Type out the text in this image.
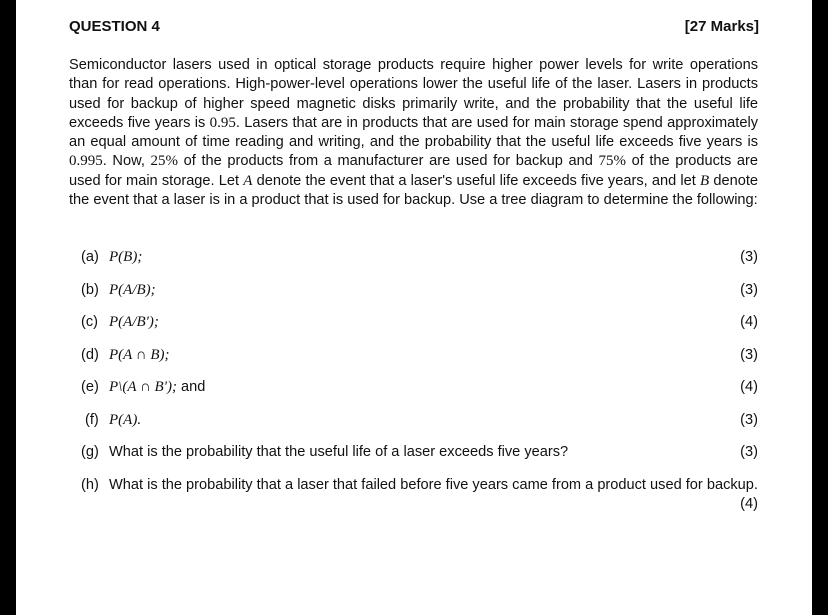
QUESTION 4	[27 Marks]
Semiconductor lasers used in optical storage products require higher power levels for write operations than for read operations. High-power-level operations lower the useful life of the laser. Lasers in products used for backup of higher speed magnetic disks primarily write, and the probability that the useful life exceeds five years is 0.95. Lasers that are in products that are used for main storage spend approximately an equal amount of time reading and writing, and the probability that the useful life exceeds five years is 0.995. Now, 25% of the products from a manufacturer are used for backup and 75% of the products are used for main storage. Let A denote the event that a laser's useful life exceeds five years, and let B denote the event that a laser is in a product that is used for backup. Use a tree diagram to determine the following:
(a) P(B);	(3)
(b) P(A/B);	(3)
(c) P(A/B′);	(4)
(d) P(A ∩ B);	(3)
(e) P\(A ∩ B′); and	(4)
(f) P(A).	(3)
(g) What is the probability that the useful life of a laser exceeds five years?	(3)
(h) What is the probability that a laser that failed before five years came from a product used for backup.
(4)
